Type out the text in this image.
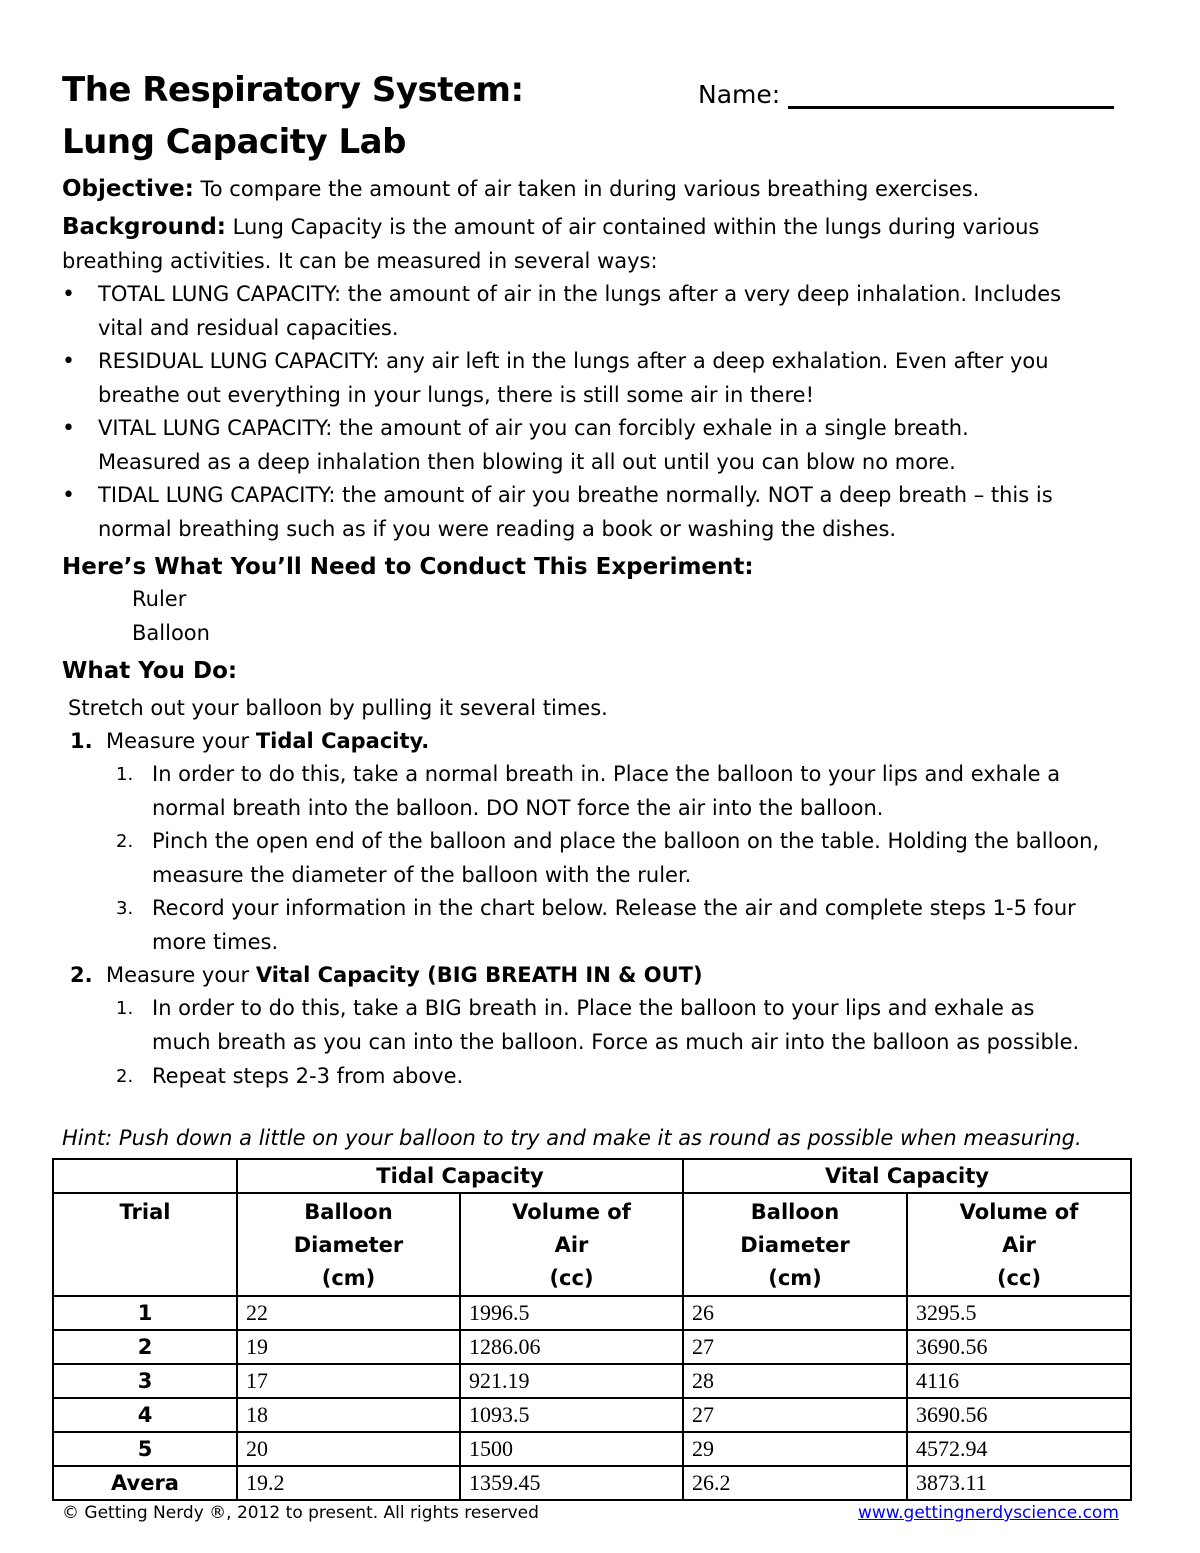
The Respiratory System:
Lung Capacity Lab
Name:
Objective: To compare the amount of air taken in during various breathing exercises.
Background: Lung Capacity is the amount of air contained within the lungs during various
breathing activities. It can be measured in several ways:
• TOTAL LUNG CAPACITY: the amount of air in the lungs after a very deep inhalation. Includes
vital and residual capacities.
• RESIDUAL LUNG CAPACITY: any air left in the lungs after a deep exhalation. Even after you
breathe out everything in your lungs, there is still some air in there!
• VITAL LUNG CAPACITY: the amount of air you can forcibly exhale in a single breath.
Measured as a deep inhalation then blowing it all out until you can blow no more.
• TIDAL LUNG CAPACITY: the amount of air you breathe normally. NOT a deep breath – this is
normal breathing such as if you were reading a book or washing the dishes.
Here’s What You’ll Need to Conduct This Experiment:
Ruler
Balloon
What You Do:
Stretch out your balloon by pulling it several times.
1. Measure your Tidal Capacity.
1. In order to do this, take a normal breath in. Place the balloon to your lips and exhale a
normal breath into the balloon. DO NOT force the air into the balloon.
2. Pinch the open end of the balloon and place the balloon on the table. Holding the balloon,
measure the diameter of the balloon with the ruler.
3. Record your information in the chart below. Release the air and complete steps 1-5 four
more times.
2. Measure your Vital Capacity (BIG BREATH IN & OUT)
1. In order to do this, take a BIG breath in. Place the balloon to your lips and exhale as
much breath as you can into the balloon. Force as much air into the balloon as possible.
2. Repeat steps 2-3 from above.
Hint: Push down a little on your balloon to try and make it as round as possible when measuring.
	Tidal Capacity		Vital Capacity	
Trial	Balloon
Diameter
(cm)	Volume of
Air
(cc)	Balloon
Diameter
(cm)	Volume of
Air
(cc)
1	22	1996.5	26	3295.5
2	19	1286.06	27	3690.56
3	17	921.19	28	4116
4	18	1093.5	27	3690.56
5	20	1500	29	4572.94
Avera	19.2	1359.45	26.2	3873.11
© Getting Nerdy ®, 2012 to present. All rights reserved	www.gettingnerdyscience.com
